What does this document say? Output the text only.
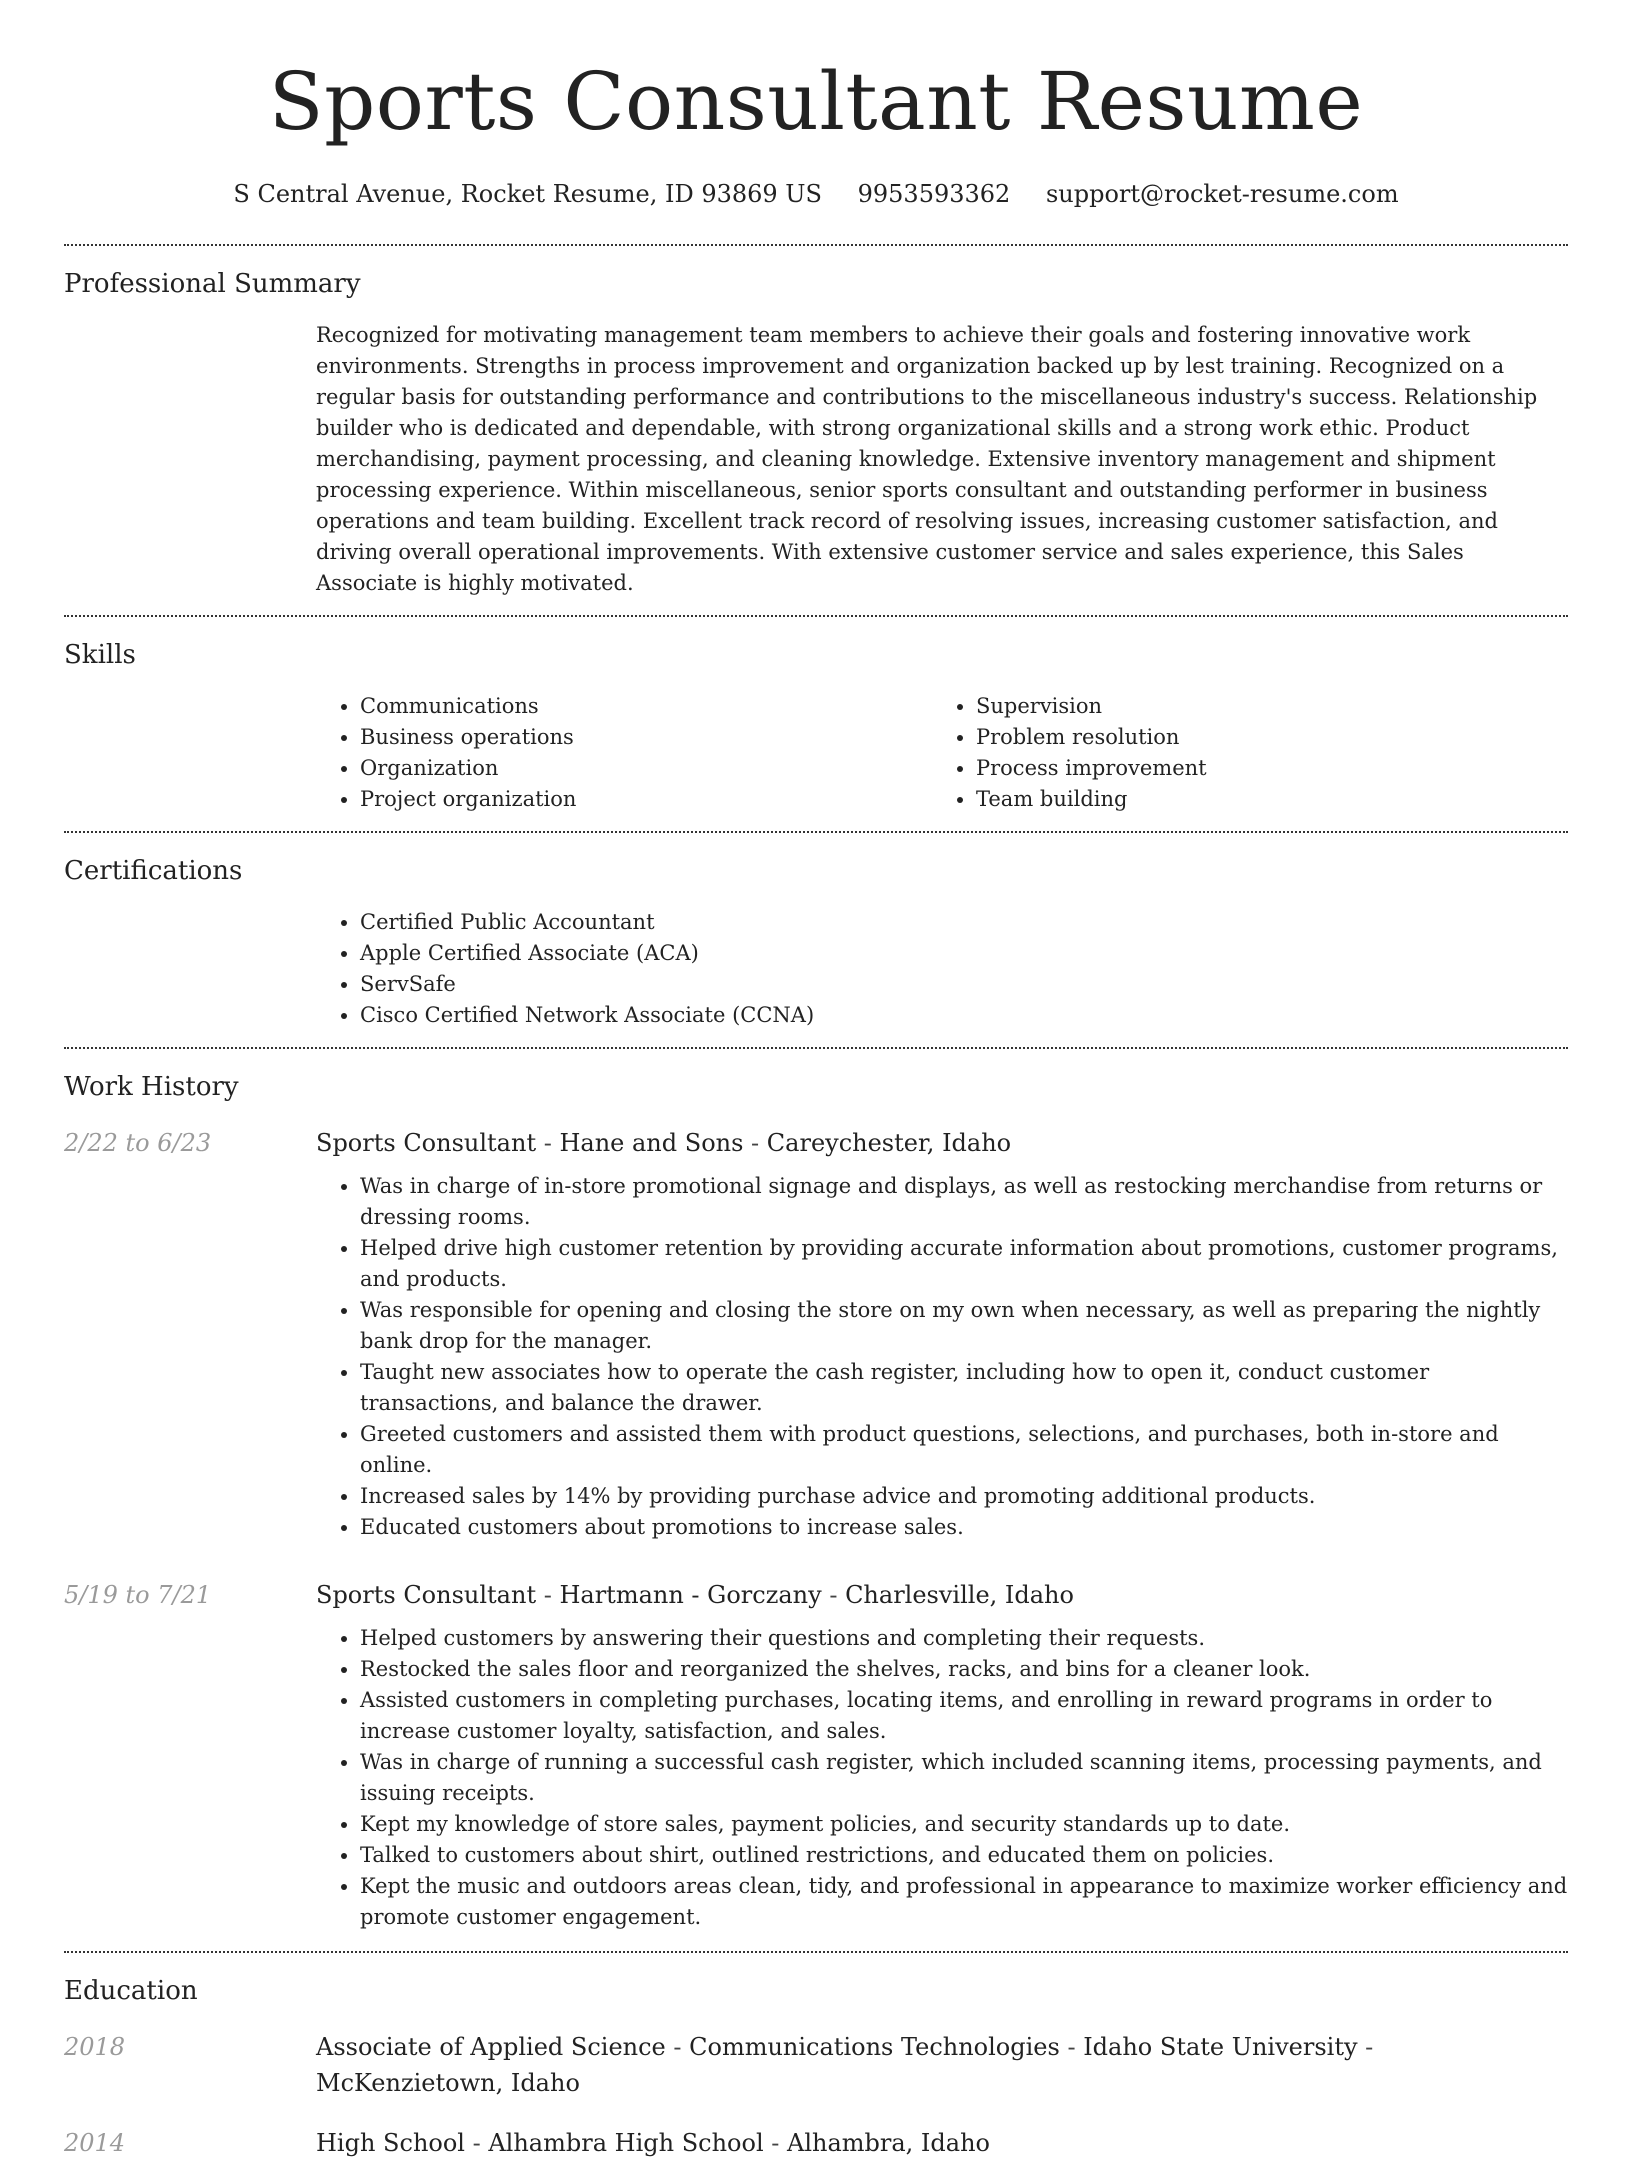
Sports Consultant Resume
S Central Avenue, Rocket Resume, ID 93869 US 9953593362 support@rocket-resume.com
Professional Summary
Recognized for motivating management team members to achieve their goals and fostering innovative work environments. Strengths in process improvement and organization backed up by lest training. Recognized on a regular basis for outstanding performance and contributions to the miscellaneous industry's success. Relationship builder who is dedicated and dependable, with strong organizational skills and a strong work ethic. Product merchandising, payment processing, and cleaning knowledge. Extensive inventory management and shipment processing experience. Within miscellaneous, senior sports consultant and outstanding performer in business operations and team building. Excellent track record of resolving issues, increasing customer satisfaction, and driving overall operational improvements. With extensive customer service and sales experience, this Sales Associate is highly motivated.
Skills
• Communications
• Business operations
• Organization
• Project organization
• Supervision
• Problem resolution
• Process improvement
• Team building
Certifications
• Certified Public Accountant
• Apple Certified Associate (ACA)
• ServSafe
• Cisco Certified Network Associate (CCNA)
Work History
2/22 to 6/23	Sports Consultant - Hane and Sons - Careychester, Idaho
• Was in charge of in-store promotional signage and displays, as well as restocking merchandise from returns or dressing rooms.
• Helped drive high customer retention by providing accurate information about promotions, customer programs, and products.
• Was responsible for opening and closing the store on my own when necessary, as well as preparing the nightly bank drop for the manager.
• Taught new associates how to operate the cash register, including how to open it, conduct customer transactions, and balance the drawer.
• Greeted customers and assisted them with product questions, selections, and purchases, both in-store and online.
• Increased sales by 14% by providing purchase advice and promoting additional products.
• Educated customers about promotions to increase sales.
5/19 to 7/21	Sports Consultant - Hartmann - Gorczany - Charlesville, Idaho
• Helped customers by answering their questions and completing their requests.
• Restocked the sales floor and reorganized the shelves, racks, and bins for a cleaner look.
• Assisted customers in completing purchases, locating items, and enrolling in reward programs in order to increase customer loyalty, satisfaction, and sales.
• Was in charge of running a successful cash register, which included scanning items, processing payments, and issuing receipts.
• Kept my knowledge of store sales, payment policies, and security standards up to date.
• Talked to customers about shirt, outlined restrictions, and educated them on policies.
• Kept the music and outdoors areas clean, tidy, and professional in appearance to maximize worker efficiency and promote customer engagement.
Education
2018	Associate of Applied Science - Communications Technologies - Idaho State University - McKenzietown, Idaho
2014	High School - Alhambra High School - Alhambra, Idaho
